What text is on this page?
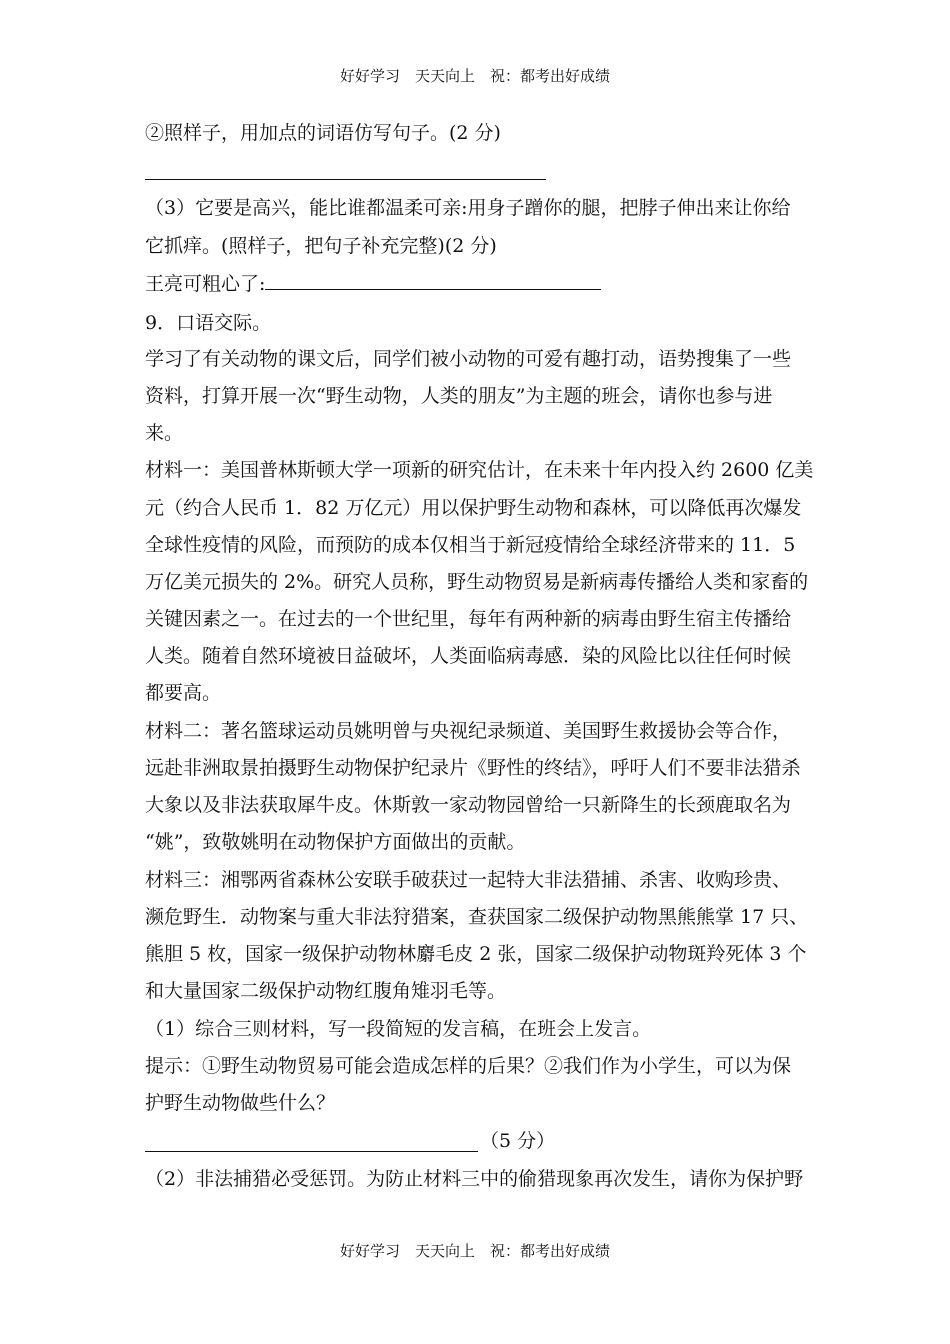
好好学习　天天向上　祝：都考出好成绩
②照样子，用加点的词语仿写句子。(2 分)
（3）它要是高兴，能比谁都温柔可亲:用身子蹭你的腿，把脖子伸出来让你给
它抓痒。(照样子，把句子补充完整)(2 分)
王亮可粗心了:
9．口语交际。
学习了有关动物的课文后，同学们被小动物的可爱有趣打动，语势搜集了一些
资料，打算开展一次“野生动物，人类的朋友”为主题的班会，请你也参与进
来。
材料一：美国普林斯顿大学一项新的研究估计，在未来十年内投入约 2600 亿美
元（约合人民币 1．82 万亿元）用以保护野生动物和森林，可以降低再次爆发
全球性疫情的风险，而预防的成本仅相当于新冠疫情给全球经济带来的 11．5
万亿美元损失的 2%。研究人员称，野生动物贸易是新病毒传播给人类和家畜的
关键因素之一。在过去的一个世纪里，每年有两种新的病毒由野生宿主传播给
人类。随着自然环境被日益破坏，人类面临病毒感．染的风险比以往任何时候
都要高。
材料二：著名篮球运动员姚明曾与央视纪录频道、美国野生救援协会等合作，
远赴非洲取景拍摄野生动物保护纪录片《野性的终结》，呼吁人们不要非法猎杀
大象以及非法获取犀牛皮。休斯敦一家动物园曾给一只新降生的长颈鹿取名为
“姚”，致敬姚明在动物保护方面做出的贡献。
材料三：湘鄂两省森林公安联手破获过一起特大非法猎捕、杀害、收购珍贵、
濒危野生．动物案与重大非法狩猎案，查获国家二级保护动物黑熊熊掌 17 只、
熊胆 5 枚，国家一级保护动物林麝毛皮 2 张，国家二级保护动物斑羚死体 3 个
和大量国家二级保护动物红腹角雉羽毛等。
（1）综合三则材料，写一段简短的发言稿，在班会上发言。
提示：①野生动物贸易可能会造成怎样的后果？②我们作为小学生，可以为保
护野生动物做些什么？
（5 分）
（2）非法捕猎必受惩罚。为防止材料三中的偷猎现象再次发生，请你为保护野
好好学习　天天向上　祝：都考出好成绩
